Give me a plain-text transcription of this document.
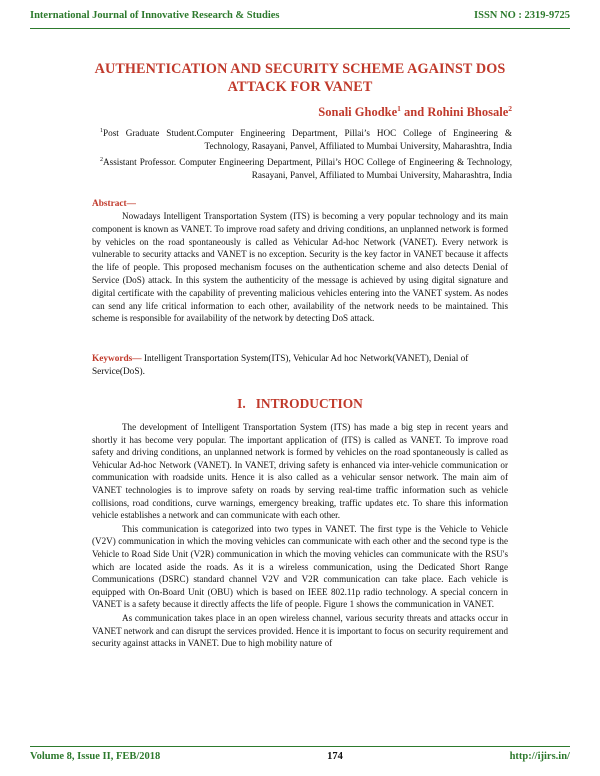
International Journal of Innovative Research & Studies	ISSN NO : 2319-9725
AUTHENTICATION AND SECURITY SCHEME AGAINST DOS ATTACK FOR VANET
Sonali Ghodke$^1$ and Rohini Bhosale$^2$

$^1$Post Graduate Student.Computer Engineering Department, Pillai’s HOC College of Engineering & Technology, Rasayani, Panvel, Affiliated to Mumbai University, Maharashtra, India

$^2$Assistant Professor. Computer Engineering Department, Pillai’s HOC College of Engineering & Technology, Rasayani, Panvel, Affiliated to Mumbai University, Maharashtra, India

Abstract—

Nowadays Intelligent Transportation System (ITS) is becoming a very popular technology and its main component is known as VANET. To improve road safety and driving conditions, an unplanned network is formed by vehicles on the road spontaneously is called as Vehicular Ad-hoc Network (VANET). Every network is vulnerable to security attacks and VANET is no exception. Security is the key factor in VANET because it affects the life of people. This proposed mechanism focuses on the authentication scheme and also detects Denial of Service (DoS) attack. In this system the authenticity of the message is achieved by using digital signature and digital certificate with the capability of preventing malicious vehicles entering into the VANET system. As nodes can send any life critical information to each other, availability of the network needs to be maintained. This scheme is responsible for availability of the network by detecting DoS attack.

Keywords— Intelligent Transportation System(ITS), Vehicular Ad hoc Network(VANET), Denial of Service(DoS).

I. INTRODUCTION

The development of Intelligent Transportation System (ITS) has made a big step in recent years and shortly it has become very popular. The important application of (ITS) is called as VANET. To improve road safety and driving conditions, an unplanned network is formed by vehicles on the road spontaneously is called as Vehicular Ad-hoc Network (VANET). In VANET, driving safety is enhanced via inter-vehicle communication or communication with roadside units. Hence it is also called as a vehicular sensor network. The main aim of VANET technologies is to improve safety on roads by serving real-time traffic information such as vehicle collisions, road conditions, curve warnings, emergency breaking, traffic updates etc. To share this information vehicle establishes a network and can communicate with each other.

This communication is categorized into two types in VANET. The first type is the Vehicle to Vehicle (V2V) communication in which the moving vehicles can communicate with each other and the second type is the Vehicle to Road Side Unit (V2R) communication in which the moving vehicles can communicate with the RSU's which are located aside the roads. As it is a wireless communication, using the Dedicated Short Range Communications (DSRC) standard channel V2V and V2R communication can take place. Each vehicle is equipped with On-Board Unit (OBU) which is based on IEEE 802.11p radio technology. A special concern in VANET is a safety because it directly affects the life of people. Figure 1 shows the communication in VANET.

As communication takes place in an open wireless channel, various security threats and attacks occur in VANET network and can disrupt the services provided. Hence it is important to focus on security requirement and security against attacks in VANET. Due to high mobility nature of

Volume 8, Issue II, FEB/2018	174	http://ijirs.in/
